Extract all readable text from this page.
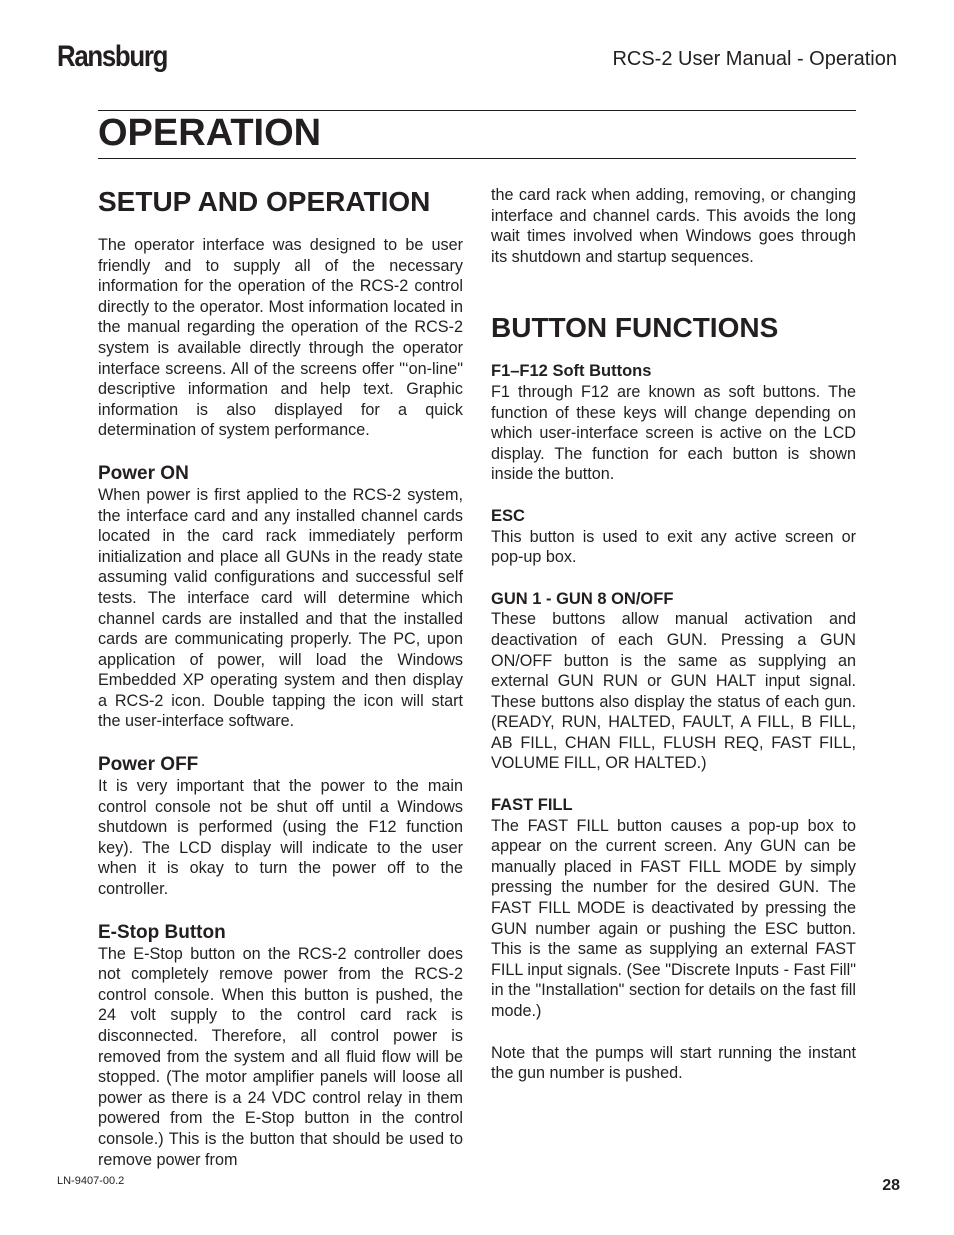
Ransburg	RCS-2 User Manual - Operation
OPERATION
SETUP AND OPERATION

The operator interface was designed to be user friendly and to supply all of the necessary information for the operation of the RCS-2 control directly to the operator. Most information located in the manual regarding the operation of the RCS-2 system is available directly through the operator interface screens. All of the screens offer "‘on-line" descriptive information and help text. Graphic information is also displayed for a quick determination of system performance.

Power ON

When power is first applied to the RCS-2 system, the interface card and any installed channel cards located in the card rack immediately perform initialization and place all GUNs in the ready state assuming valid configurations and successful self tests. The interface card will determine which channel cards are installed and that the installed cards are communicating properly. The PC, upon application of power, will load the Windows Embedded XP operating system and then display a RCS-2 icon. Double tapping the icon will start the user-interface software.

Power OFF

It is very important that the power to the main control console not be shut off until a Windows shutdown is performed (using the F12 function key). The LCD display will indicate to the user when it is okay to turn the power off to the controller.

E-Stop Button

The E-Stop button on the RCS-2 controller does not completely remove power from the RCS-2 control console. When this button is pushed, the 24 volt supply to the control card rack is disconnected. Therefore, all control power is removed from the system and all fluid flow will be stopped. (The motor amplifier panels will loose all power as there is a 24 VDC control relay in them powered from the E-Stop button in the control console.) This is the button that should be used to remove power from

the card rack when adding, removing, or changing interface and channel cards. This avoids the long wait times involved when Windows goes through its shutdown and startup sequences.

BUTTON FUNCTIONS
F1–F12 Soft Buttons

F1 through F12 are known as soft buttons. The function of these keys will change depending on which user-interface screen is active on the LCD display. The function for each button is shown inside the button.

ESC

This button is used to exit any active screen or pop-up box.

GUN 1 - GUN 8 ON/OFF

These buttons allow manual activation and deactivation of each GUN. Pressing a GUN ON/OFF button is the same as supplying an external GUN RUN or GUN HALT input signal. These buttons also display the status of each gun. (READY, RUN, HALTED, FAULT, A FILL, B FILL, AB FILL, CHAN FILL, FLUSH REQ, FAST FILL, VOLUME FILL, OR HALTED.)

FAST FILL

The FAST FILL button causes a pop-up box to appear on the current screen. Any GUN can be manually placed in FAST FILL MODE by simply pressing the number for the desired GUN. The FAST FILL MODE is deactivated by pressing the GUN number again or pushing the ESC button. This is the same as supplying an external FAST FILL input signals. (See "Discrete Inputs - Fast Fill" in the "Installation" section for details on the fast fill mode.)

Note that the pumps will start running the instant the gun number is pushed.

LN-9407-00.2	28
